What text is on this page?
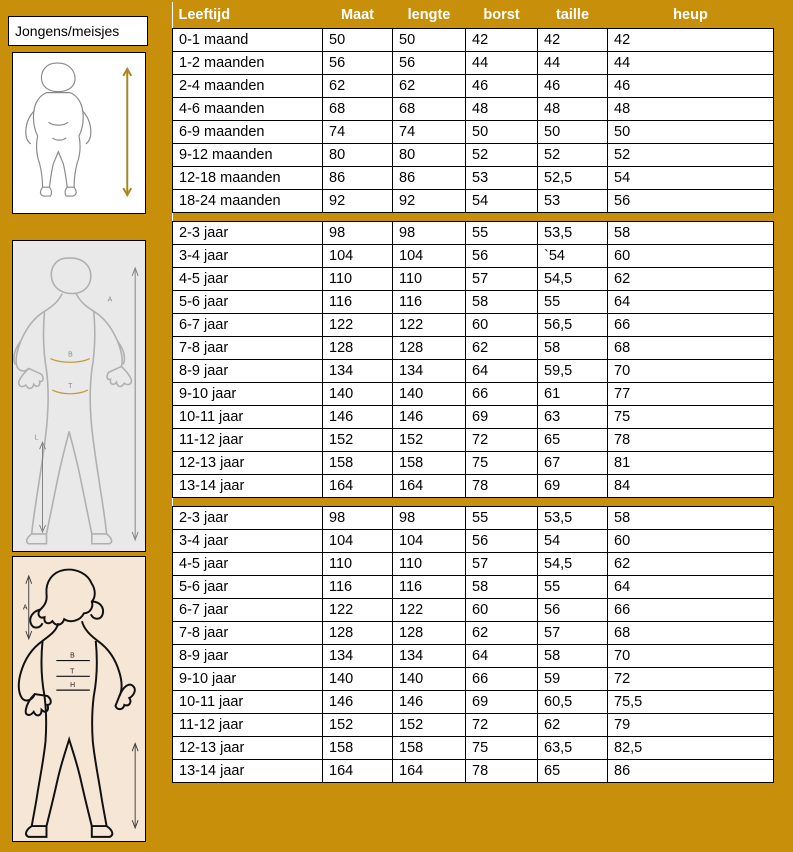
Jongens/meisjes
B
T
L
A
B
T
H
A
Leeftijd	Maat	lengte	borst	taille	heup
0-1 maand	50	50	42	42	42
1-2 maanden	56	56	44	44	44
2-4 maanden	62	62	46	46	46
4-6 maanden	68	68	48	48	48
6-9 maanden	74	74	50	50	50
9-12 maanden	80	80	52	52	52
12-18 maanden	86	86	53	52,5	54
18-24 maanden	92	92	54	53	56

2-3 jaar	98	98	55	53,5	58
3-4 jaar	104	104	56	`54	60
4-5 jaar	110	110	57	54,5	62
5-6 jaar	116	116	58	55	64
6-7 jaar	122	122	60	56,5	66
7-8 jaar	128	128	62	58	68
8-9 jaar	134	134	64	59,5	70
9-10 jaar	140	140	66	61	77
10-11 jaar	146	146	69	63	75
11-12 jaar	152	152	72	65	78
12-13 jaar	158	158	75	67	81
13-14 jaar	164	164	78	69	84

2-3 jaar	98	98	55	53,5	58
3-4 jaar	104	104	56	54	60
4-5 jaar	110	110	57	54,5	62
5-6 jaar	116	116	58	55	64
6-7 jaar	122	122	60	56	66
7-8 jaar	128	128	62	57	68
8-9 jaar	134	134	64	58	70
9-10 jaar	140	140	66	59	72
10-11 jaar	146	146	69	60,5	75,5
11-12 jaar	152	152	72	62	79
12-13 jaar	158	158	75	63,5	82,5
13-14 jaar	164	164	78	65	86
